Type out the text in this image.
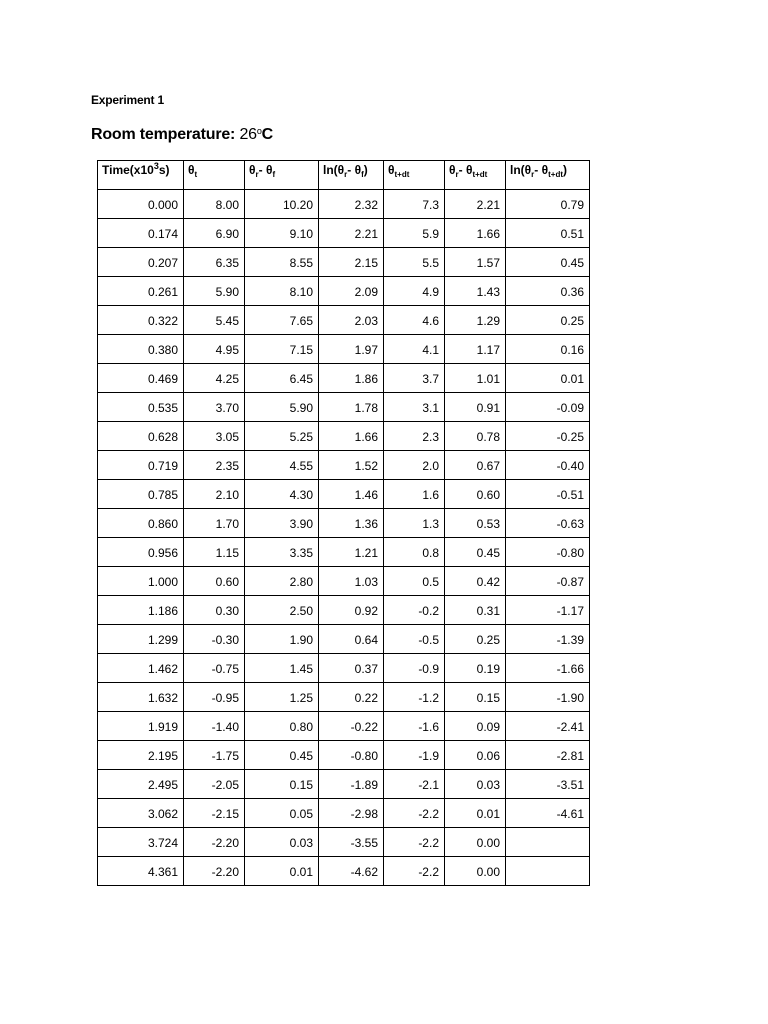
Experiment 1
Room temperature: 26$^o$C
$Time(x10^3s)$	$\theta_t$	$\theta_r-$ $\theta_f$	$\ln(\theta_r-$ $\theta_f$)	$\theta_{t+dt}$	$\theta_r-$ $\theta_{t+dt}$	$\ln(\theta_r-$ $\theta_{t+dt}$)
0.000	8.00	10.20	2.32	7.3	2.21	0.79
0.174	6.90	9.10	2.21	5.9	1.66	0.51
0.207	6.35	8.55	2.15	5.5	1.57	0.45
0.261	5.90	8.10	2.09	4.9	1.43	0.36
0.322	5.45	7.65	2.03	4.6	1.29	0.25
0.380	4.95	7.15	1.97	4.1	1.17	0.16
0.469	4.25	6.45	1.86	3.7	1.01	0.01
0.535	3.70	5.90	1.78	3.1	0.91	-0.09
0.628	3.05	5.25	1.66	2.3	0.78	-0.25
0.719	2.35	4.55	1.52	2.0	0.67	-0.40
0.785	2.10	4.30	1.46	1.6	0.60	-0.51
0.860	1.70	3.90	1.36	1.3	0.53	-0.63
0.956	1.15	3.35	1.21	0.8	0.45	-0.80
1.000	0.60	2.80	1.03	0.5	0.42	-0.87
1.186	0.30	2.50	0.92	-0.2	0.31	-1.17
1.299	-0.30	1.90	0.64	-0.5	0.25	-1.39
1.462	-0.75	1.45	0.37	-0.9	0.19	-1.66
1.632	-0.95	1.25	0.22	-1.2	0.15	-1.90
1.919	-1.40	0.80	-0.22	-1.6	0.09	-2.41
2.195	-1.75	0.45	-0.80	-1.9	0.06	-2.81
2.495	-2.05	0.15	-1.89	-2.1	0.03	-3.51
3.062	-2.15	0.05	-2.98	-2.2	0.01	-4.61
3.724	-2.20	0.03	-3.55	-2.2	0.00	
4.361	-2.20	0.01	-4.62	-2.2	0.00	
